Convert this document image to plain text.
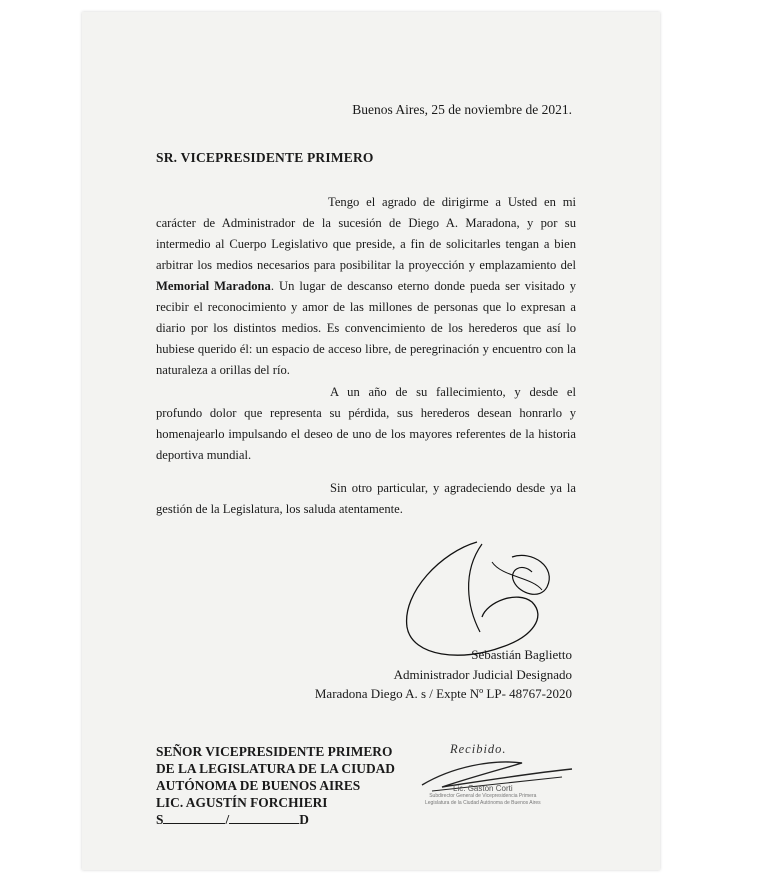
Buenos Aires, 25 de noviembre de 2021.
SR. VICEPRESIDENTE PRIMERO
Tengo el agrado de dirigirme a Usted en mi carácter de Administrador de la sucesión de Diego A. Maradona, y por su intermedio al Cuerpo Legislativo que preside, a fin de solicitarles tengan a bien arbitrar los medios necesarios para posibilitar la proyección y emplazamiento del Memorial Maradona. Un lugar de descanso eterno donde pueda ser visitado y recibir el reconocimiento y amor de las millones de personas que lo expresan a diario por los distintos medios. Es convencimiento de los herederos que así lo hubiese querido él: un espacio de acceso libre, de peregrinación y encuentro con la naturaleza a orillas del río.
A un año de su fallecimiento, y desde el profundo dolor que representa su pérdida, sus herederos desean honrarlo y homenajearlo impulsando el deseo de uno de los mayores referentes de la historia deportiva mundial.
Sin otro particular, y agradeciendo desde ya la gestión de la Legislatura, los saluda atentamente.
Sebastián Baglietto
Administrador Judicial Designado
Maradona Diego A. s / Expte Nº LP- 48767-2020
SEÑOR VICEPRESIDENTE PRIMERO
DE LA LEGISLATURA DE LA CIUDAD
AUTÓNOMA DE BUENOS AIRES
LIC. AGUSTÍN FORCHIERI
S	/	D
Recibido.
Lic. Gastón Corti
Subdirector General de Vicepresidencia Primera
Legislatura de la Ciudad Autónoma de Buenos Aires
